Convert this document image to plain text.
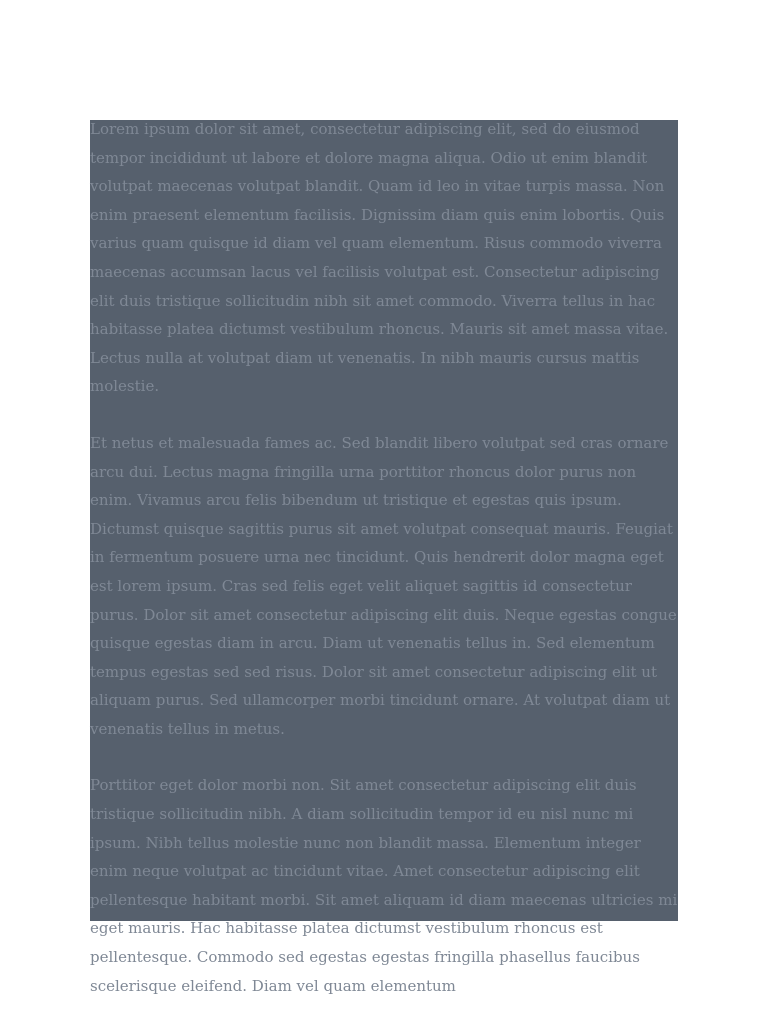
Lorem ipsum dolor sit amet, consectetur adipiscing elit, sed do eiusmod tempor incididunt ut labore et dolore magna aliqua. Odio ut enim blandit volutpat maecenas volutpat blandit. Quam id leo in vitae turpis massa. Non enim praesent elementum facilisis. Dignissim diam quis enim lobortis. Quis varius quam quisque id diam vel quam elementum. Risus commodo viverra maecenas accumsan lacus vel facilisis volutpat est. Consectetur adipiscing elit duis tristique sollicitudin nibh sit amet commodo. Viverra tellus in hac habitasse platea dictumst vestibulum rhoncus. Mauris sit amet massa vitae. Lectus nulla at volutpat diam ut venenatis. In nibh mauris cursus mattis molestie.

Et netus et malesuada fames ac. Sed blandit libero volutpat sed cras ornare arcu dui. Lectus magna fringilla urna porttitor rhoncus dolor purus non enim. Vivamus arcu felis bibendum ut tristique et egestas quis ipsum. Dictumst quisque sagittis purus sit amet volutpat consequat mauris. Feugiat in fermentum posuere urna nec tincidunt. Quis hendrerit dolor magna eget est lorem ipsum. Cras sed felis eget velit aliquet sagittis id consectetur purus. Dolor sit amet consectetur adipiscing elit duis. Neque egestas congue quisque egestas diam in arcu. Diam ut venenatis tellus in. Sed elementum tempus egestas sed sed risus. Dolor sit amet consectetur adipiscing elit ut aliquam purus. Sed ullamcorper morbi tincidunt ornare. At volutpat diam ut venenatis tellus in metus.

Porttitor eget dolor morbi non. Sit amet consectetur adipiscing elit duis tristique sollicitudin nibh. A diam sollicitudin tempor id eu nisl nunc mi ipsum. Nibh tellus molestie nunc non blandit massa. Elementum integer enim neque volutpat ac tincidunt vitae. Amet consectetur adipiscing elit pellentesque habitant morbi. Sit amet aliquam id diam maecenas ultricies mi eget mauris. Hac habitasse platea dictumst vestibulum rhoncus est pellentesque. Commodo sed egestas egestas fringilla phasellus faucibus scelerisque eleifend. Diam vel quam elementum
